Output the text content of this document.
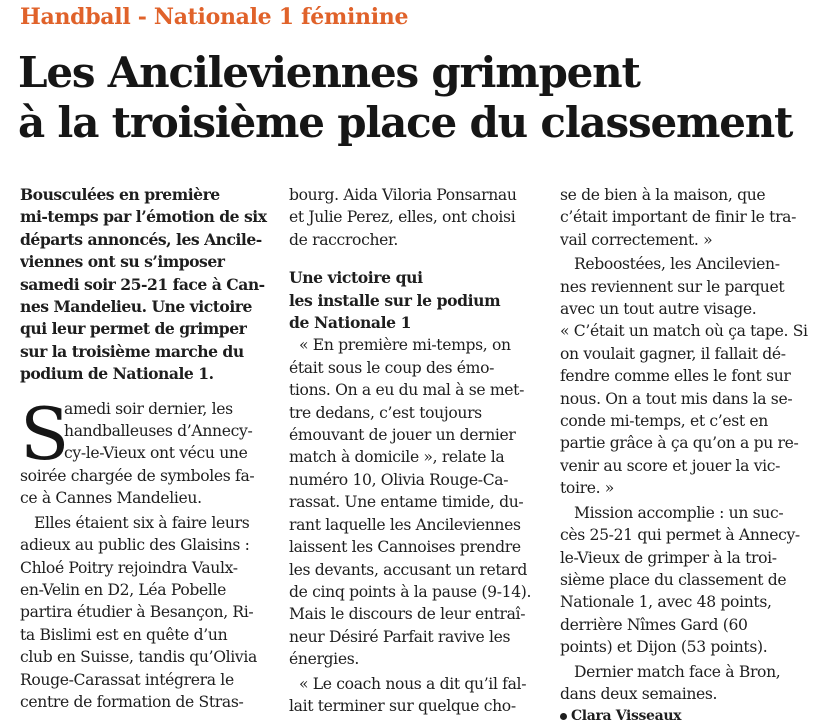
Handball - Nationale 1 féminine
Les Ancileviennes grimpent
à la troisième place du classement
Bousculées en première
mi-temps par l’émotion de six
départs annoncés, les Ancile-
viennes ont su s’imposer
samedi soir 25-21 face à Can-
nes Mandelieu. Une victoire
qui leur permet de grimper
sur la troisième marche du
podium de Nationale 1.
S
amedi soir dernier, les
handballeuses d’Annecy-
cy-le-Vieux ont vécu une
soirée chargée de symboles fa-
ce à Cannes Mandelieu.
Elles étaient six à faire leurs
adieux au public des Glaisins :
Chloé Poitry rejoindra Vaulx-
en-Velin en D2, Léa Pobelle
partira étudier à Besançon, Ri-
ta Bislimi est en quête d’un
club en Suisse, tandis qu’Olivia
Rouge-Carassat intégrera le
centre de formation de Stras-
bourg. Aida Viloria Ponsarnau
et Julie Perez, elles, ont choisi
de raccrocher.
Une victoire qui
les installe sur le podium
de Nationale 1
« En première mi-temps, on
était sous le coup des émo-
tions. On a eu du mal à se met-
tre dedans, c’est toujours
émouvant de jouer un dernier
match à domicile », relate la
numéro 10, Olivia Rouge-Ca-
rassat. Une entame timide, du-
rant laquelle les Ancileviennes
laissent les Cannoises prendre
les devants, accusant un retard
de cinq points à la pause (9-14).
Mais le discours de leur entraî-
neur Désiré Parfait ravive les
énergies.
« Le coach nous a dit qu’il fal-
lait terminer sur quelque cho-
se de bien à la maison, que
c’était important de finir le tra-
vail correctement. »
Reboostées, les Ancilevien-
nes reviennent sur le parquet
avec un tout autre visage.
« C’était un match où ça tape. Si
on voulait gagner, il fallait dé-
fendre comme elles le font sur
nous. On a tout mis dans la se-
conde mi-temps, et c’est en
partie grâce à ça qu’on a pu re-
venir au score et jouer la vic-
toire. »
Mission accomplie : un suc-
cès 25-21 qui permet à Annecy-
le-Vieux de grimper à la troi-
sième place du classement de
Nationale 1, avec 48 points,
derrière Nîmes Gard (60
points) et Dijon (53 points).
Dernier match face à Bron,
dans deux semaines.
Clara Visseaux
